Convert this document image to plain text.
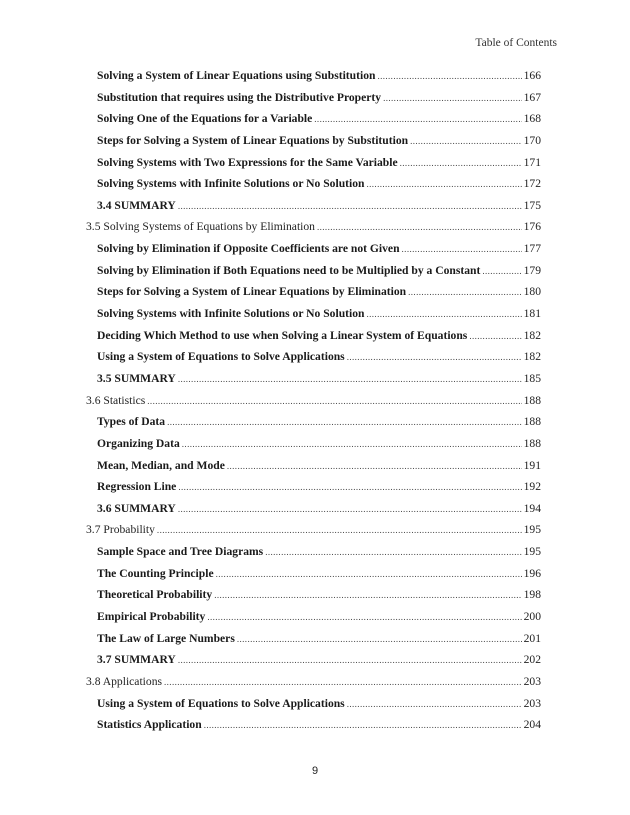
Table of Contents
Solving a System of Linear Equations using Substitution .....	166
Substitution that requires using the Distributive Property .....	167
Solving One of the Equations for a Variable .....	168
Steps for Solving a System of Linear Equations by Substitution .....	170
Solving Systems with Two Expressions for the Same Variable .....	171
Solving Systems with Infinite Solutions or No Solution .....	172
3.4 SUMMARY .....	175
3.5 Solving Systems of Equations by Elimination .....	176
Solving by Elimination if Opposite Coefficients are not Given .....	177
Solving by Elimination if Both Equations need to be Multiplied by a Constant .....	179
Steps for Solving a System of Linear Equations by Elimination .....	180
Solving Systems with Infinite Solutions or No Solution .....	181
Deciding Which Method to use when Solving a Linear System of Equations .....	182
Using a System of Equations to Solve Applications .....	182
3.5 SUMMARY .....	185
3.6 Statistics .....	188
Types of Data .....	188
Organizing Data .....	188
Mean, Median, and Mode .....	191
Regression Line .....	192
3.6 SUMMARY .....	194
3.7 Probability .....	195
Sample Space and Tree Diagrams .....	195
The Counting Principle .....	196
Theoretical Probability .....	198
Empirical Probability .....	200
The Law of Large Numbers .....	201
3.7 SUMMARY .....	202
3.8 Applications .....	203
Using a System of Equations to Solve Applications .....	203
Statistics Application .....	204
9
